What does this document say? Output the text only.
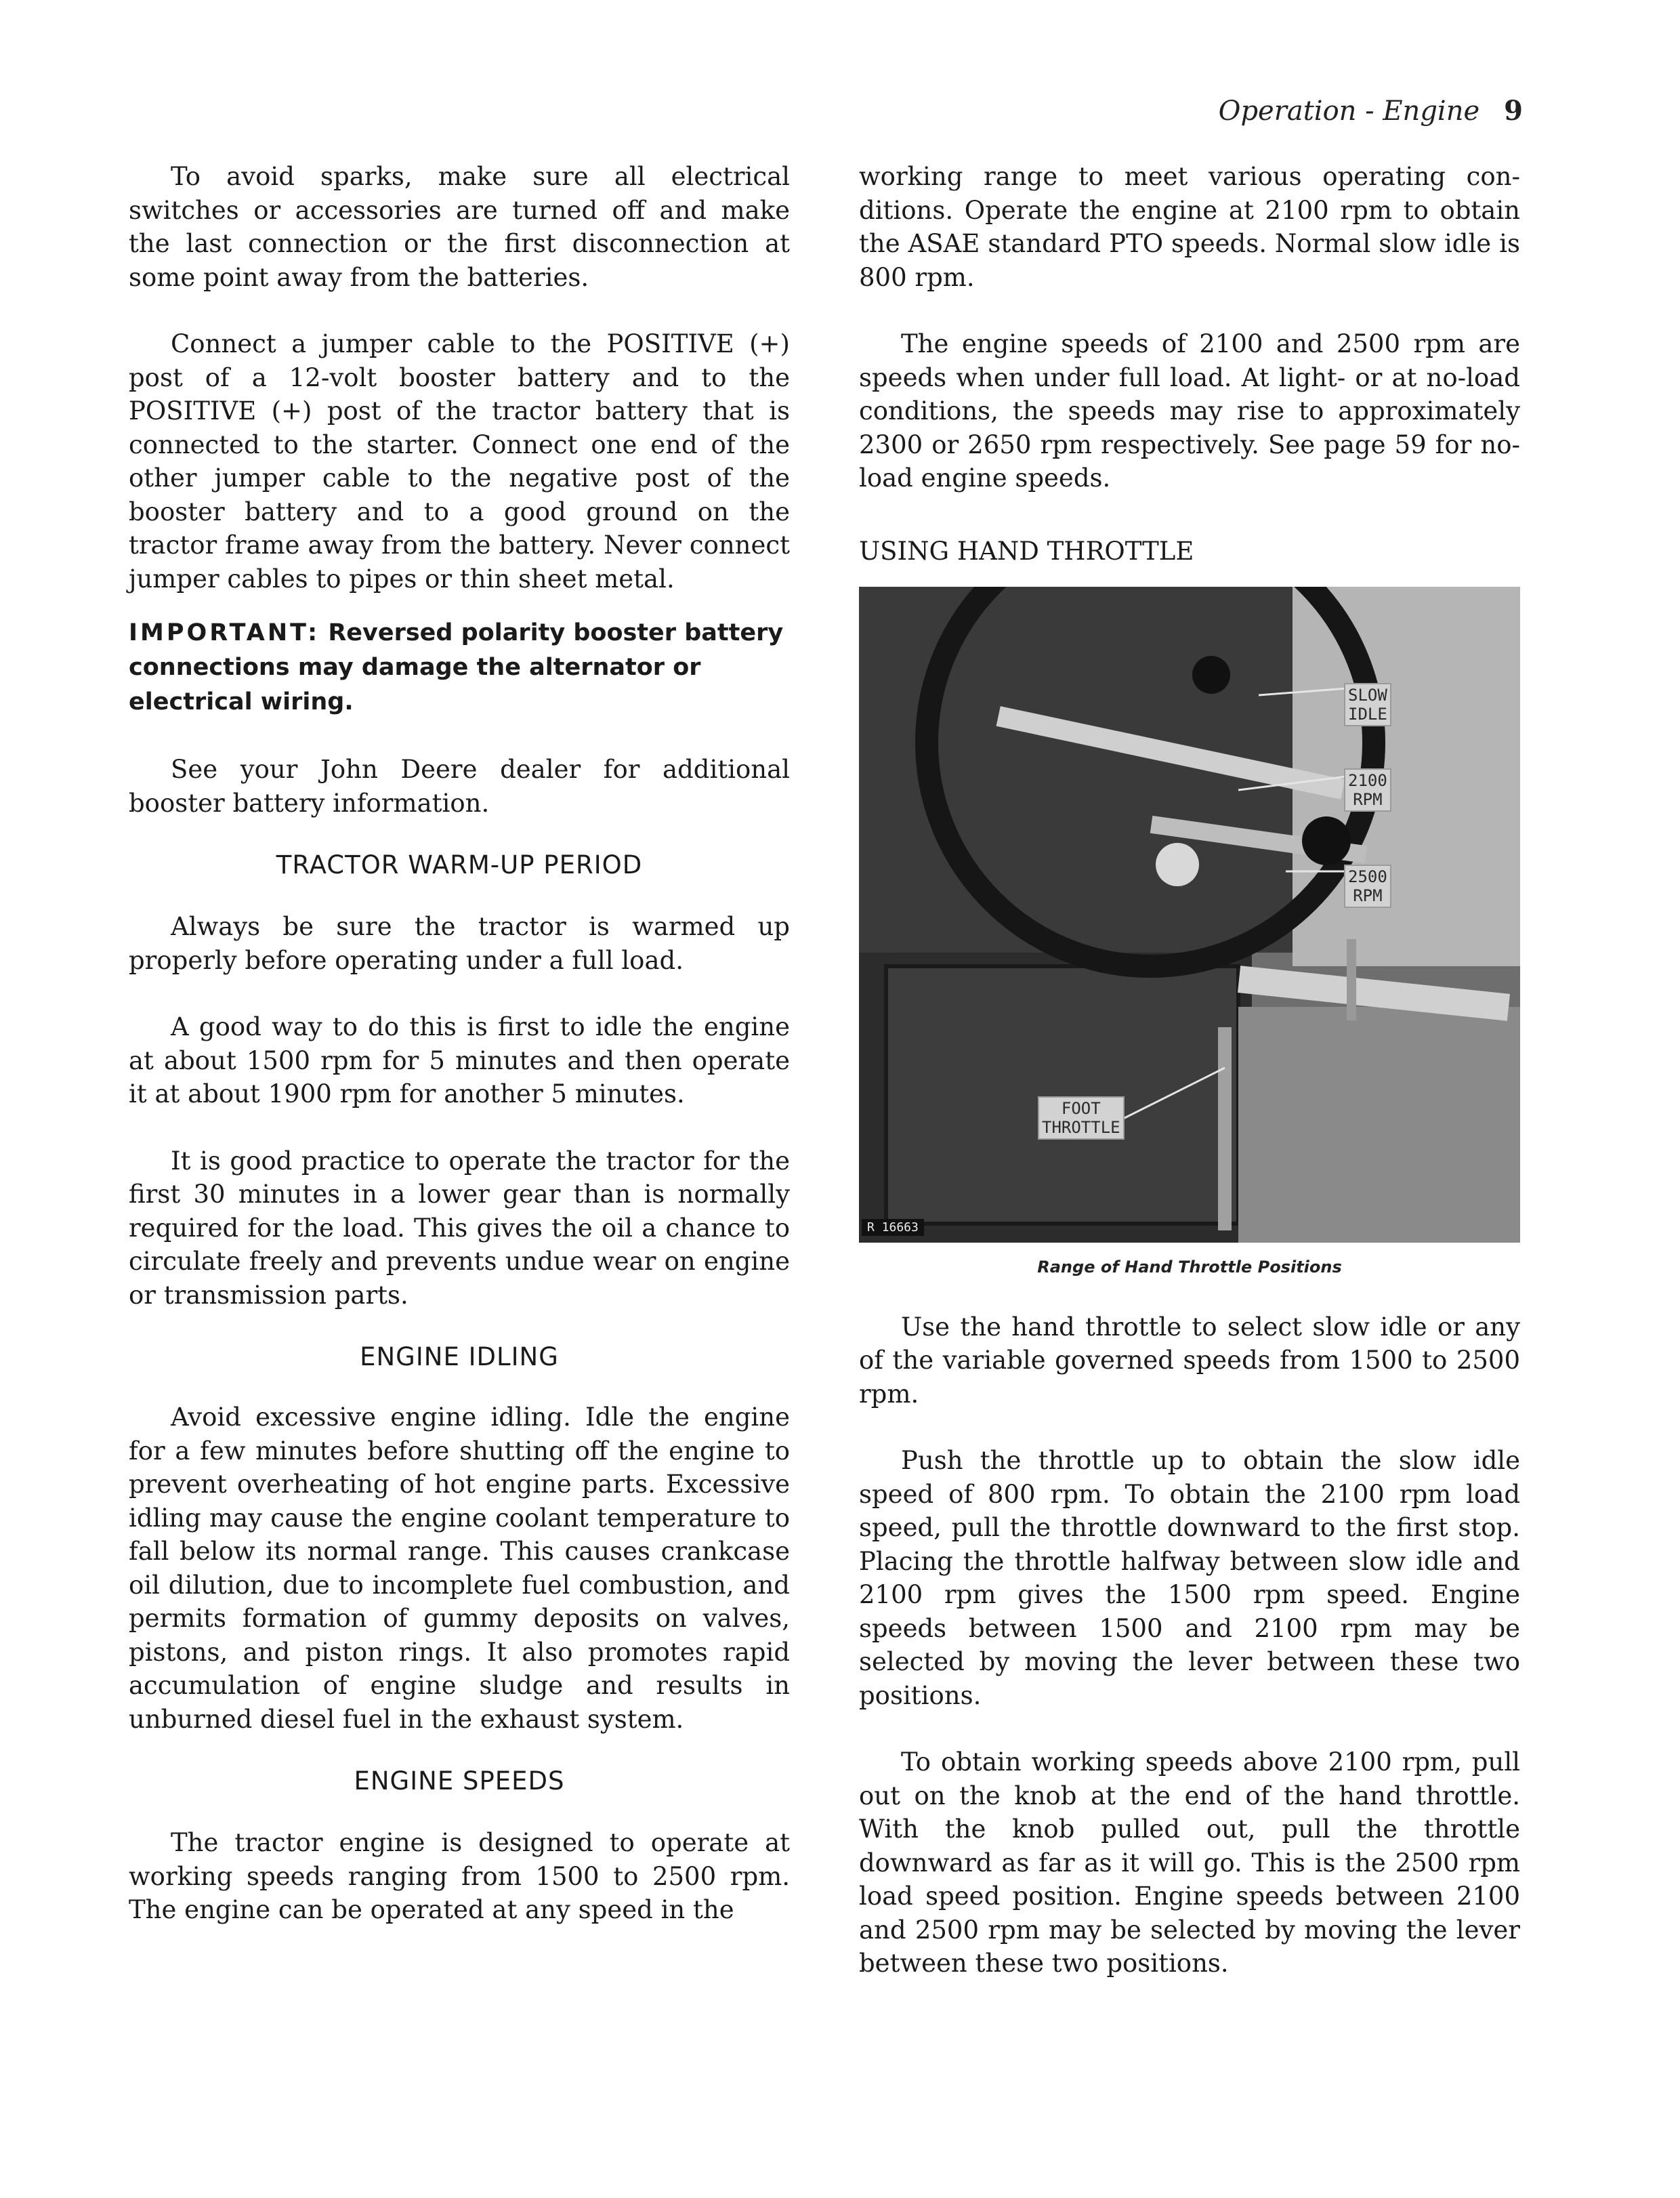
Operation - Engine 9

To avoid sparks, make sure all electrical switches or accessories are turned off and make the last connection or the first disconnection at some point away from the batteries.

Connect a jumper cable to the POSITIVE (+) post of a 12-volt booster battery and to the POSITIVE (+) post of the tractor battery that is connected to the starter. Connect one end of the other jumper cable to the negative post of the booster battery and to a good ground on the tractor frame away from the battery. Never connect jumper cables to pipes or thin sheet metal.

IMPORTANT: Reversed polarity booster battery connections may damage the alternator or electrical wiring.

See your John Deere dealer for additional booster battery information.

TRACTOR WARM-UP PERIOD

Always be sure the tractor is warmed up properly before operating under a full load.

A good way to do this is first to idle the engine at about 1500 rpm for 5 minutes and then operate it at about 1900 rpm for another 5 minutes.

It is good practice to operate the tractor for the first 30 minutes in a lower gear than is normally required for the load. This gives the oil a chance to circulate freely and prevents undue wear on engine or transmission parts.

ENGINE IDLING

Avoid excessive engine idling. Idle the engine for a few minutes before shutting off the engine to prevent overheating of hot engine parts. Excessive idling may cause the engine coolant temperature to fall below its normal range. This causes crankcase oil dilution, due to incomplete fuel combustion, and permits formation of gummy deposits on valves, pistons, and piston rings. It also promotes rapid accumulation of engine sludge and results in unburned diesel fuel in the exhaust system.

ENGINE SPEEDS

The tractor engine is designed to operate at working speeds ranging from 1500 to 2500 rpm. The engine can be operated at any speed in the

working range to meet various operating conditions. Operate the engine at 2100 rpm to obtain the ASAE standard PTO speeds. Normal slow idle is 800 rpm.

The engine speeds of 2100 and 2500 rpm are speeds when under full load. At light- or at no-load conditions, the speeds may rise to approximately 2300 or 2650 rpm respectively. See page 59 for no-load engine speeds.

USING HAND THROTTLE
SLOW
IDLE
2100
RPM
2500
RPM
FOOT
THROTTLE
R 16663
Range of Hand Throttle Positions

Use the hand throttle to select slow idle or any of the variable governed speeds from 1500 to 2500 rpm.

Push the throttle up to obtain the slow idle speed of 800 rpm. To obtain the 2100 rpm load speed, pull the throttle downward to the first stop. Placing the throttle halfway between slow idle and 2100 rpm gives the 1500 rpm speed. Engine speeds between 1500 and 2100 rpm may be selected by moving the lever between these two positions.

To obtain working speeds above 2100 rpm, pull out on the knob at the end of the hand throttle. With the knob pulled out, pull the throttle downward as far as it will go. This is the 2500 rpm load speed position. Engine speeds between 2100 and 2500 rpm may be selected by moving the lever between these two positions.
